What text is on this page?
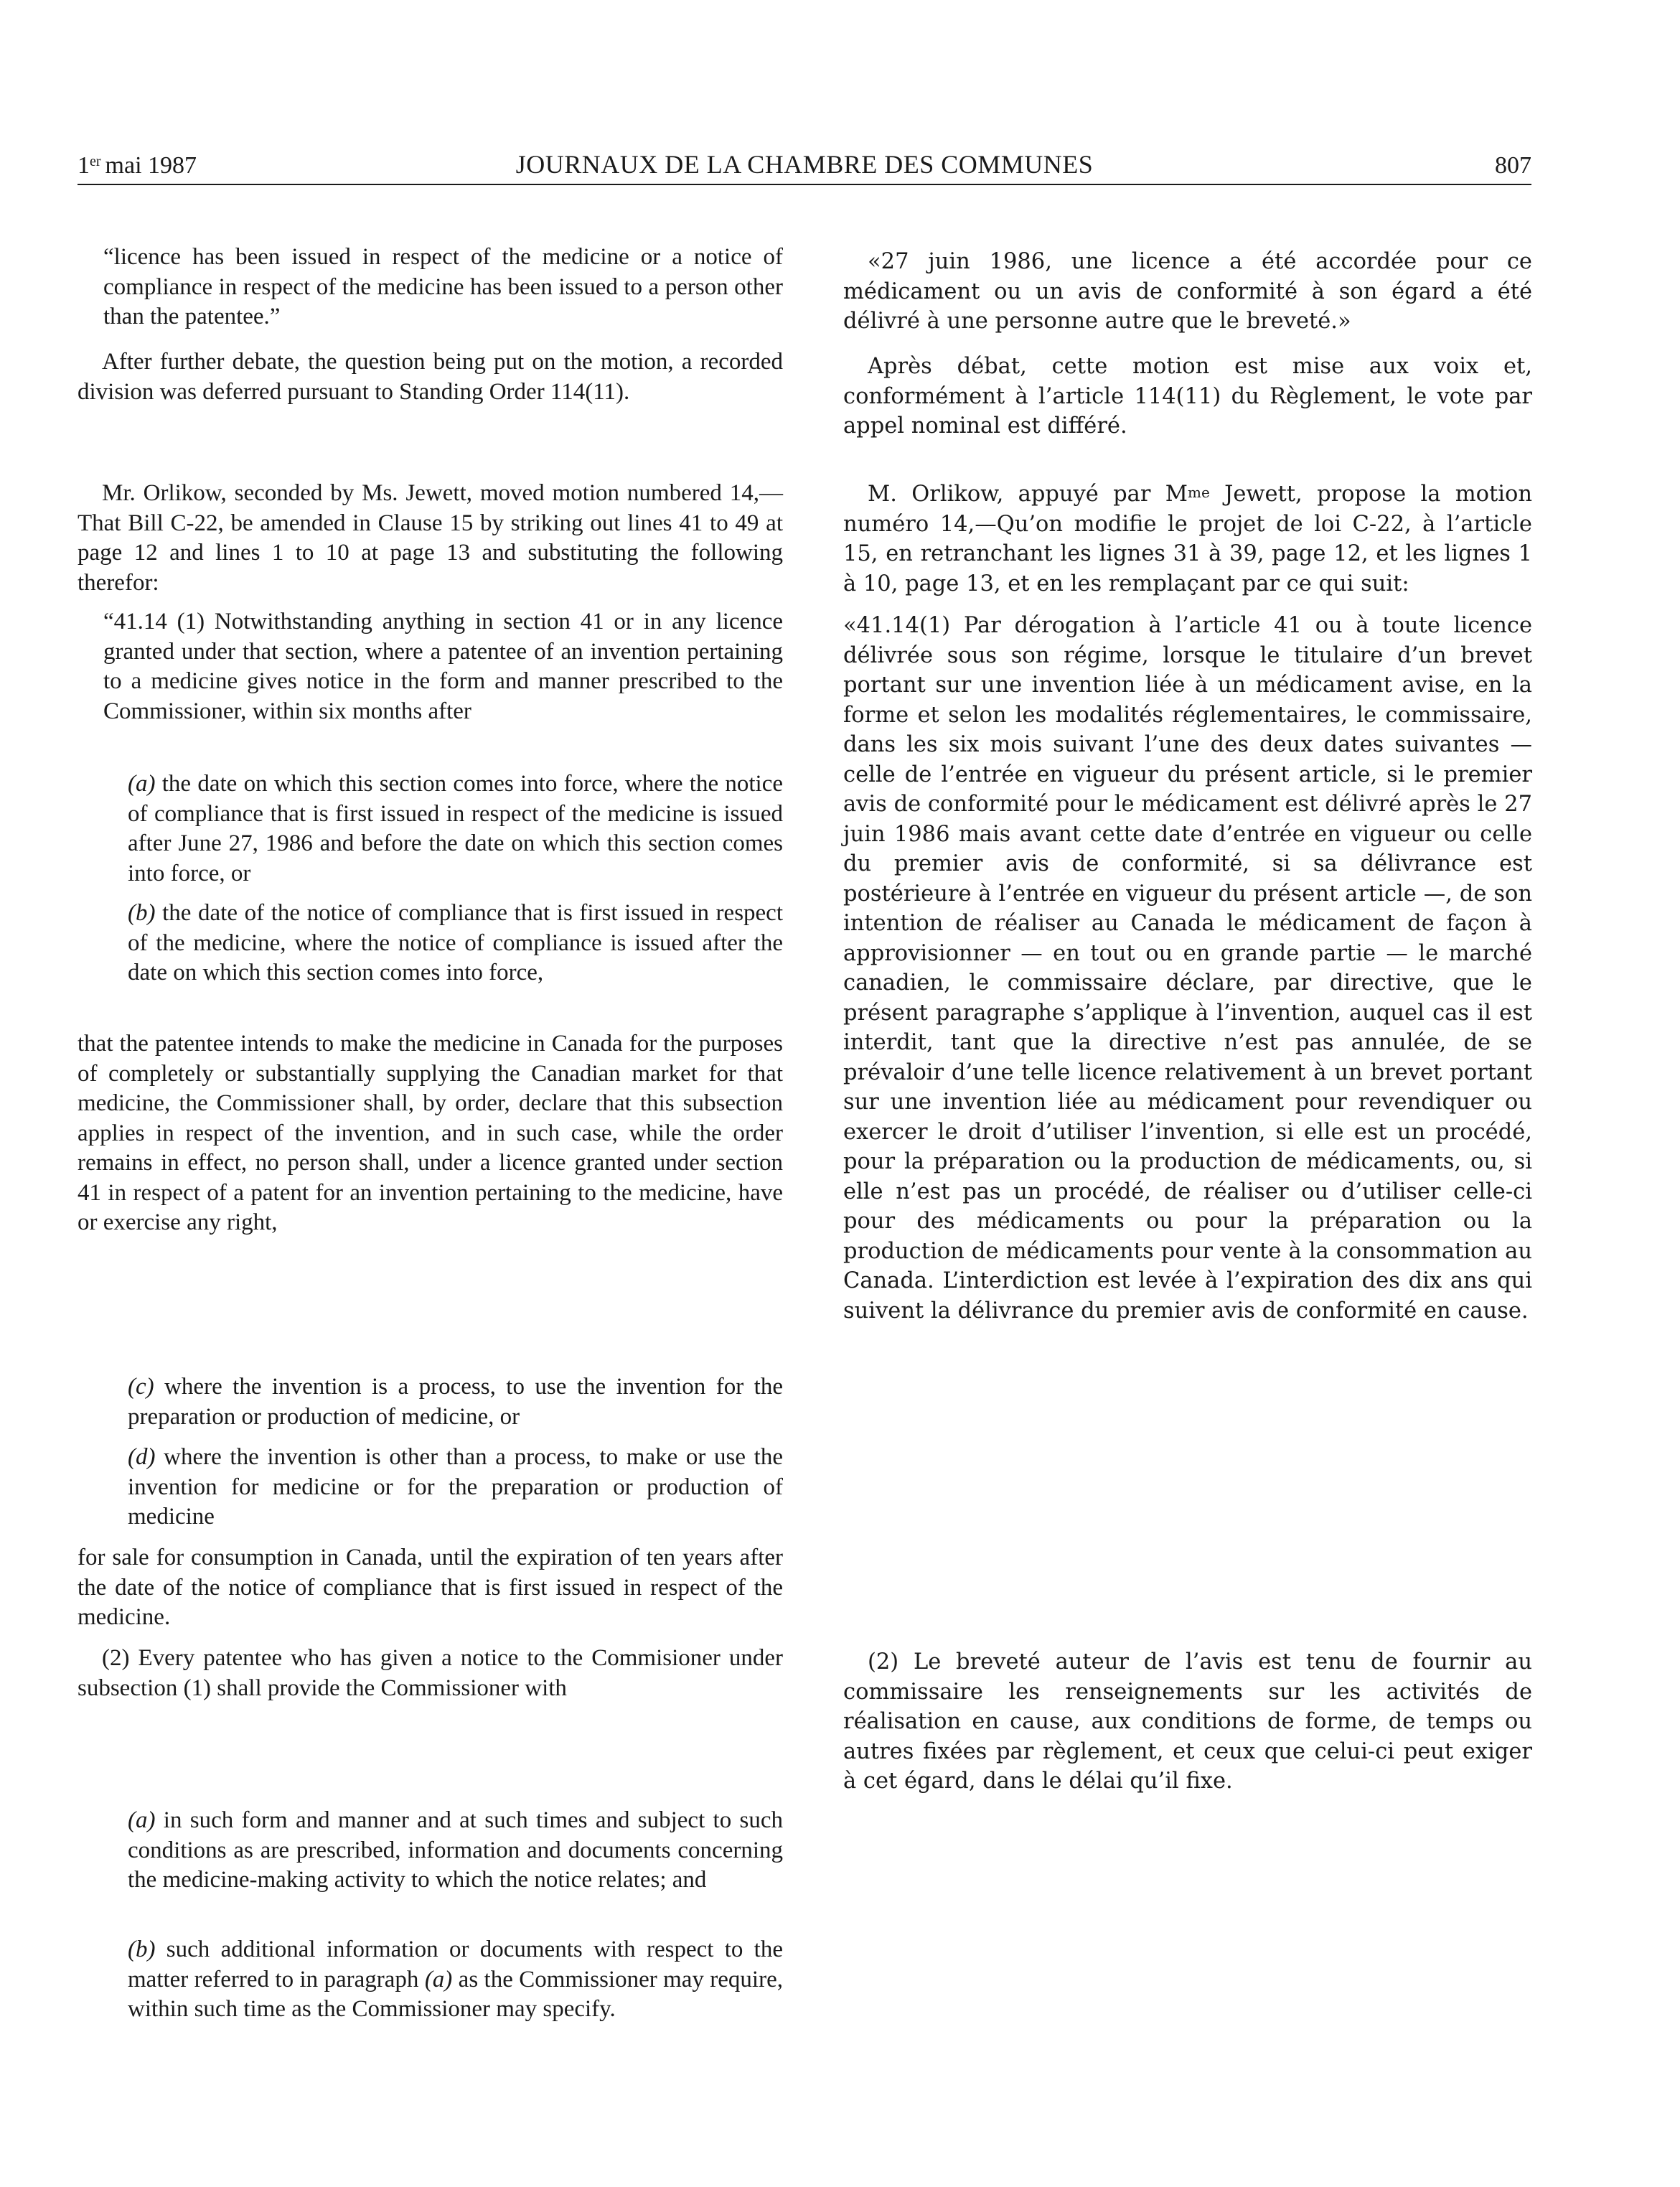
1er mai 1987	JOURNAUX DE LA CHAMBRE DES COMMUNES	807

“licence has been issued in respect of the medicine or a notice of compliance in respect of the medicine has been issued to a person other than the patentee.”

After further debate, the question being put on the motion, a recorded division was deferred pursuant to Standing Order 114(11).

Mr. Orlikow, seconded by Ms. Jewett, moved motion numbered 14,—That Bill C-22, be amended in Clause 15 by striking out lines 41 to 49 at page 12 and lines 1 to 10 at page 13 and substituting the following therefor:

“41.14 (1) Notwithstanding anything in section 41 or in any licence granted under that section, where a patentee of an invention pertaining to a medicine gives notice in the form and manner prescribed to the Commissioner, within six months after

(a) the date on which this section comes into force, where the notice of compliance that is first issued in respect of the medicine is issued after June 27, 1986 and before the date on which this section comes into force, or

(b) the date of the notice of compliance that is first issued in respect of the medicine, where the notice of compliance is issued after the date on which this section comes into force,

that the patentee intends to make the medicine in Canada for the purposes of completely or substantially supplying the Canadian market for that medicine, the Commissioner shall, by order, declare that this subsection applies in respect of the invention, and in such case, while the order remains in effect, no person shall, under a licence granted under section 41 in respect of a patent for an invention pertaining to the medicine, have or exercise any right,

(c) where the invention is a process, to use the invention for the preparation or production of medicine, or

(d) where the invention is other than a process, to make or use the invention for medicine or for the preparation or production of medicine

for sale for consumption in Canada, until the expiration of ten years after the date of the notice of compliance that is first issued in respect of the medicine.

(2) Every patentee who has given a notice to the Commisioner under subsection (1) shall provide the Commissioner with

(a) in such form and manner and at such times and subject to such conditions as are prescribed, information and documents concerning the medicine-making activity to which the notice relates; and

(b) such additional information or documents with respect to the matter referred to in paragraph (a) as the Commissioner may require, within such time as the Commissioner may specify.

«27 juin 1986, une licence a été accordée pour ce médicament ou un avis de conformité à son égard a été délivré à une personne autre que le breveté.»

Après débat, cette motion est mise aux voix et, conformément à l’article 114(11) du Règlement, le vote par appel nominal est différé.

M. Orlikow, appuyé par $M^{me}$ Jewett, propose la motion numéro 14,—Qu’on modifie le projet de loi C-22, à l’article 15, en retranchant les lignes 31 à 39, page 12, et les lignes 1 à 10, page 13, et en les remplaçant par ce qui suit:

«41.14(1) Par dérogation à l’article 41 ou à toute licence délivrée sous son régime, lorsque le titulaire d’un brevet portant sur une invention liée à un médicament avise, en la forme et selon les modalités réglementaires, le commissaire, dans les six mois suivant l’une des deux dates suivantes — celle de l’entrée en vigueur du présent article, si le premier avis de conformité pour le médicament est délivré après le 27 juin 1986 mais avant cette date d’entrée en vigueur ou celle du premier avis de conformité, si sa délivrance est postérieure à l’entrée en vigueur du présent article —, de son intention de réaliser au Canada le médicament de façon à approvisionner — en tout ou en grande partie — le marché canadien, le commissaire déclare, par directive, que le présent paragraphe s’applique à l’invention, auquel cas il est interdit, tant que la directive n’est pas annulée, de se prévaloir d’une telle licence relativement à un brevet portant sur une invention liée au médicament pour revendiquer ou exercer le droit d’utiliser l’invention, si elle est un procédé, pour la préparation ou la production de médicaments, ou, si elle n’est pas un procédé, de réaliser ou d’utiliser celle-ci pour des médicaments ou pour la préparation ou la production de médicaments pour vente à la consommation au Canada. L’interdiction est levée à l’expiration des dix ans qui suivent la délivrance du premier avis de conformité en cause.

(2) Le breveté auteur de l’avis est tenu de fournir au commissaire les renseignements sur les activités de réalisation en cause, aux conditions de forme, de temps ou autres fixées par règlement, et ceux que celui-ci peut exiger à cet égard, dans le délai qu’il fixe.
